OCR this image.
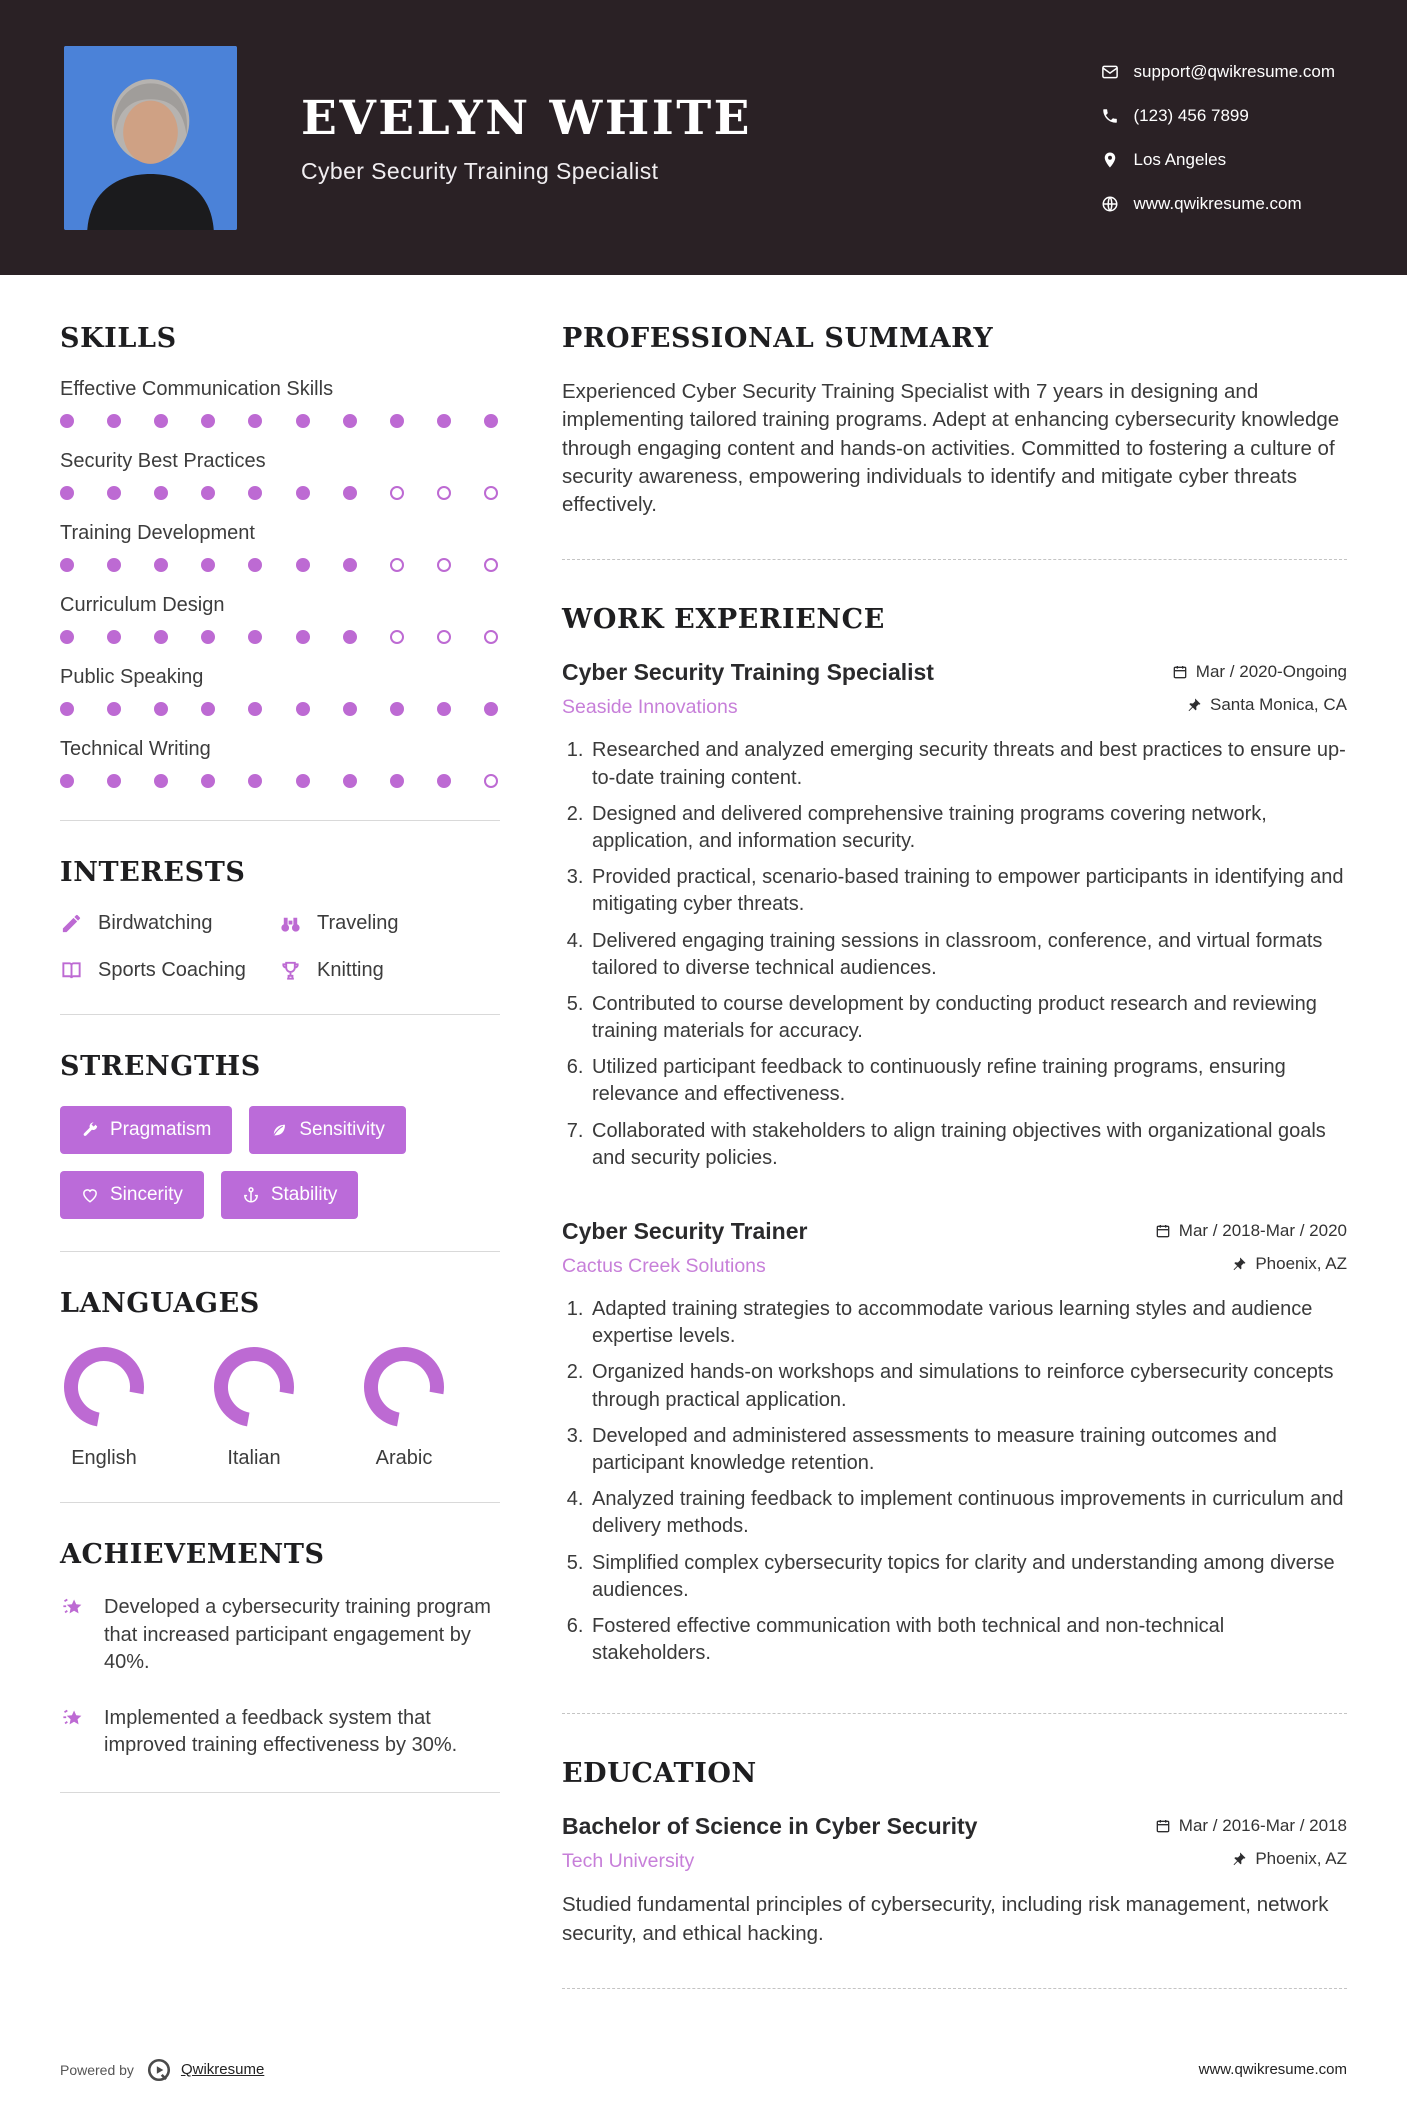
EVELYN WHITE
Cyber Security Training Specialist
support@qwikresume.com
(123) 456 7899
Los Angeles
www.qwikresume.com
SKILLS
Effective Communication Skills
Security Best Practices
Training Development
Curriculum Design
Public Speaking
Technical Writing
INTERESTS
Birdwatching	Traveling
Sports Coaching	Knitting
STRENGTHS
Pragmatism	Sensitivity
Sincerity	Stability
LANGUAGES
English	Italian	Arabic
ACHIEVEMENTS
Developed a cybersecurity training program that increased participant engagement by 40%.
Implemented a feedback system that improved training effectiveness by 30%.
PROFESSIONAL SUMMARY

Experienced Cyber Security Training Specialist with 7 years in designing and implementing tailored training programs. Adept at enhancing cybersecurity knowledge through engaging content and hands-on activities. Committed to fostering a culture of security awareness, empowering individuals to identify and mitigate cyber threats effectively.

WORK EXPERIENCE
Cyber Security Training Specialist	Mar / 2020-Ongoing
Seaside Innovations	Santa Monica, CA
1. Researched and analyzed emerging security threats and best practices to ensure up-to-date training content.
2. Designed and delivered comprehensive training programs covering network, application, and information security.
3. Provided practical, scenario-based training to empower participants in identifying and mitigating cyber threats.
4. Delivered engaging training sessions in classroom, conference, and virtual formats tailored to diverse technical audiences.
5. Contributed to course development by conducting product research and reviewing training materials for accuracy.
6. Utilized participant feedback to continuously refine training programs, ensuring relevance and effectiveness.
7. Collaborated with stakeholders to align training objectives with organizational goals and security policies.
Cyber Security Trainer	Mar / 2018-Mar / 2020
Cactus Creek Solutions	Phoenix, AZ
1. Adapted training strategies to accommodate various learning styles and audience expertise levels.
2. Organized hands-on workshops and simulations to reinforce cybersecurity concepts through practical application.
3. Developed and administered assessments to measure training outcomes and participant knowledge retention.
4. Analyzed training feedback to implement continuous improvements in curriculum and delivery methods.
5. Simplified complex cybersecurity topics for clarity and understanding among diverse audiences.
6. Fostered effective communication with both technical and non-technical stakeholders.
EDUCATION
Bachelor of Science in Cyber Security	Mar / 2016-Mar / 2018
Tech University	Phoenix, AZ

Studied fundamental principles of cybersecurity, including risk management, network security, and ethical hacking.

Powered by	Qwikresume	www.qwikresume.com
